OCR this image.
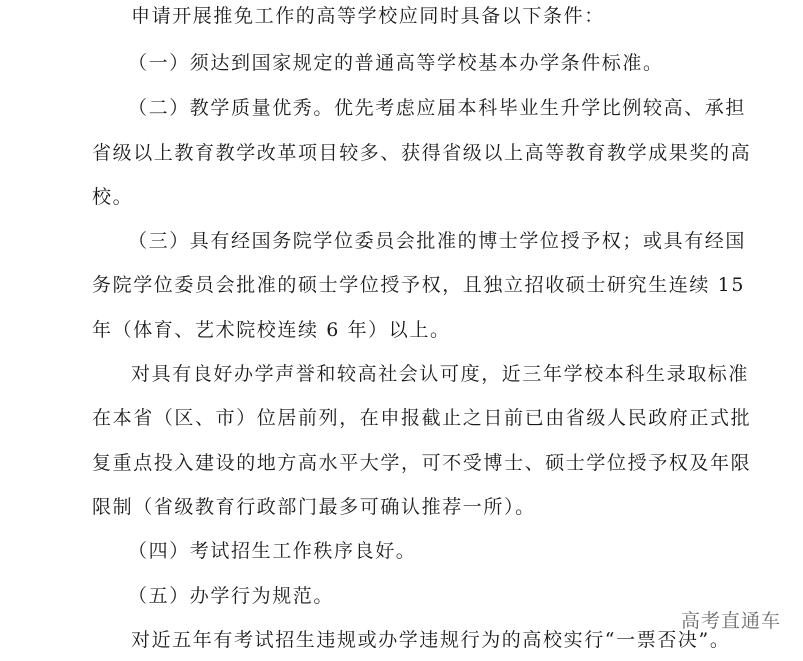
申请开展推免工作的高等学校应同时具备以下条件：
（一）须达到国家规定的普通高等学校基本办学条件标准。
（二）教学质量优秀。优先考虑应届本科毕业生升学比例较高、承担
省级以上教育教学改革项目较多、获得省级以上高等教育教学成果奖的高
校。
（三）具有经国务院学位委员会批准的博士学位授予权；或具有经国
务院学位委员会批准的硕士学位授予权，且独立招收硕士研究生连续 15
年（体育、艺术院校连续 6 年）以上。
对具有良好办学声誉和较高社会认可度，近三年学校本科生录取标准
在本省（区、市）位居前列，在申报截止之日前已由省级人民政府正式批
复重点投入建设的地方高水平大学，可不受博士、硕士学位授予权及年限
限制（省级教育行政部门最多可确认推荐一所）。
（四）考试招生工作秩序良好。
（五）办学行为规范。
对近五年有考试招生违规或办学违规行为的高校实行“一票否决”。
高考直通车
